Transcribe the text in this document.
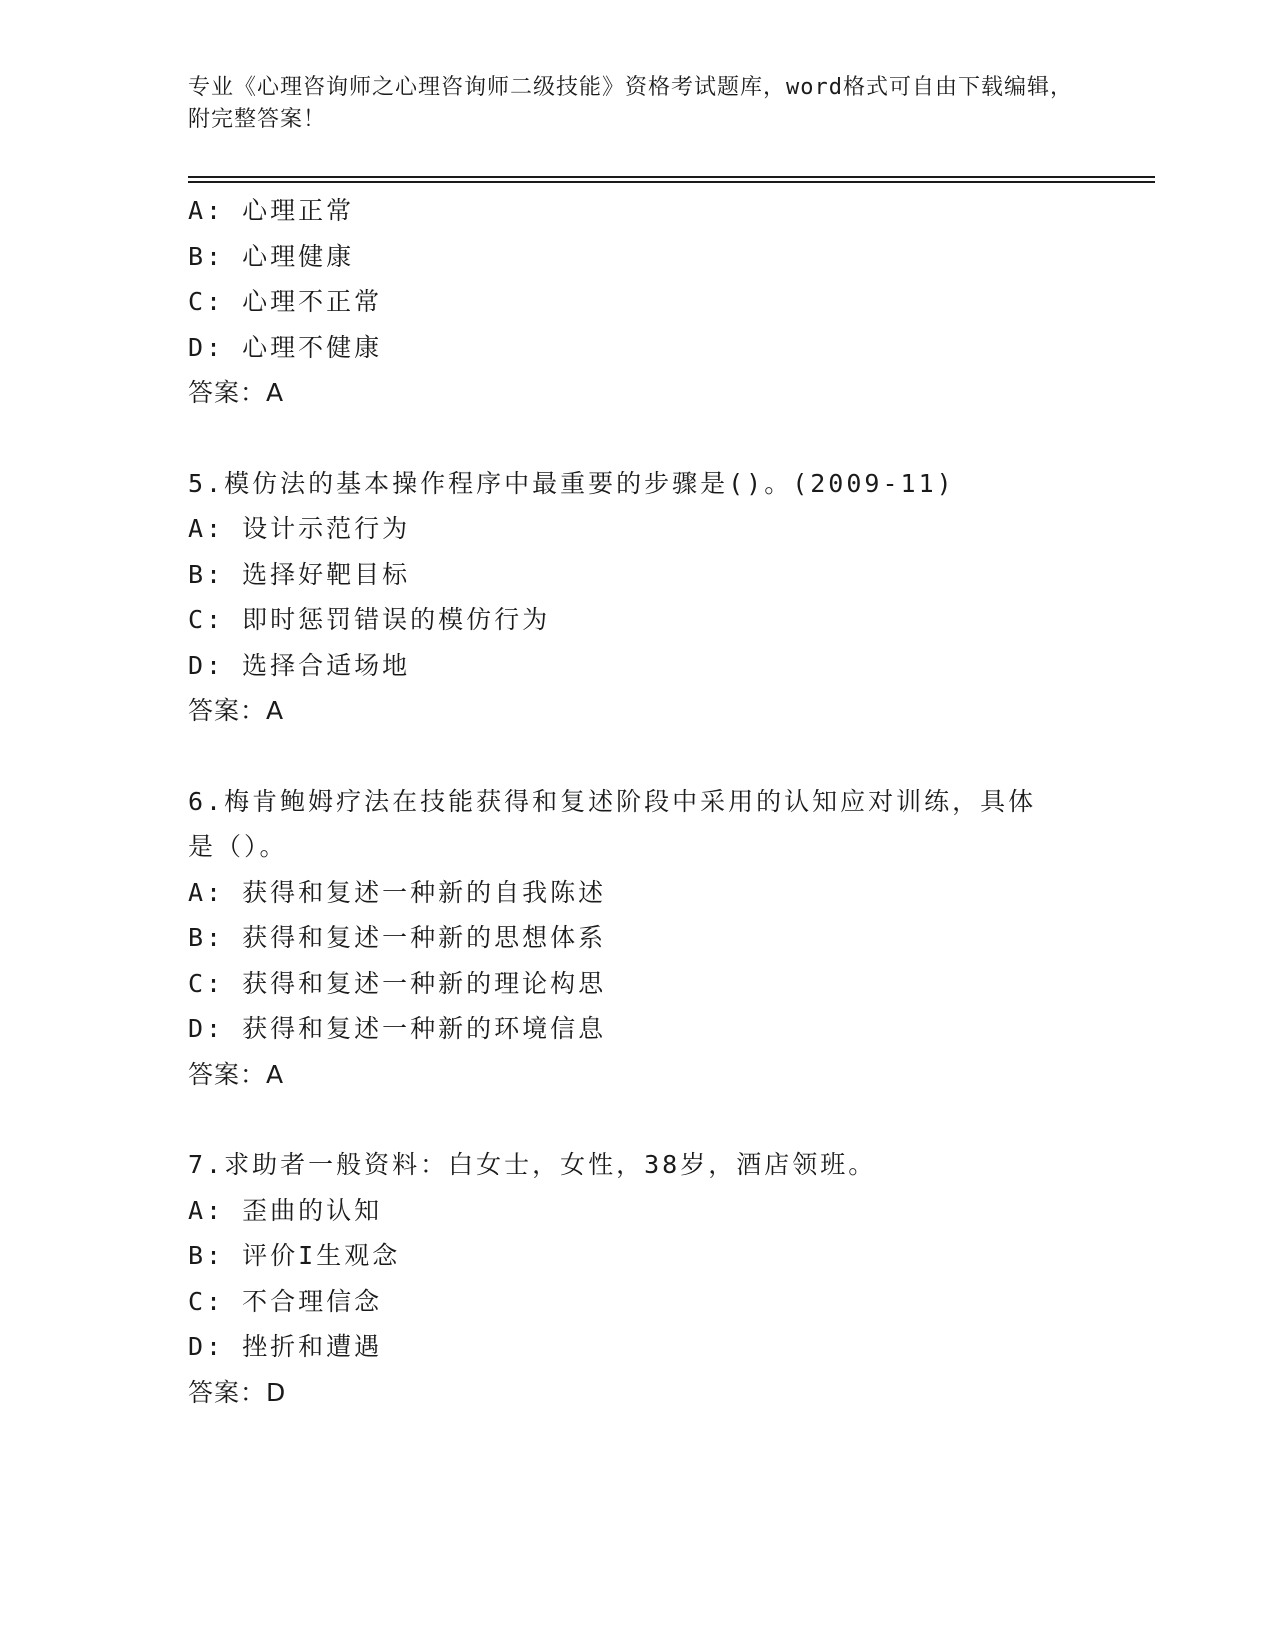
专业《心理咨询师之心理咨询师二级技能》资格考试题库，word格式可自由下载编辑，附完整答案！
A: 心理正常
B: 心理健康
C: 心理不正常
D: 心理不健康
答案：A
5.模仿法的基本操作程序中最重要的步骤是()。(2009-11)
A: 设计示范行为
B: 选择好靶目标
C: 即时惩罚错误的模仿行为
D: 选择合适场地
答案：A
6.梅肯鲍姆疗法在技能获得和复述阶段中采用的认知应对训练，具体是（）。
A: 获得和复述一种新的自我陈述
B: 获得和复述一种新的思想体系
C: 获得和复述一种新的理论构思
D: 获得和复述一种新的环境信息
答案：A
7.求助者一般资料：白女士，女性，38岁，酒店领班。
A: 歪曲的认知
B: 评价I生观念
C: 不合理信念
D: 挫折和遭遇
答案：D
